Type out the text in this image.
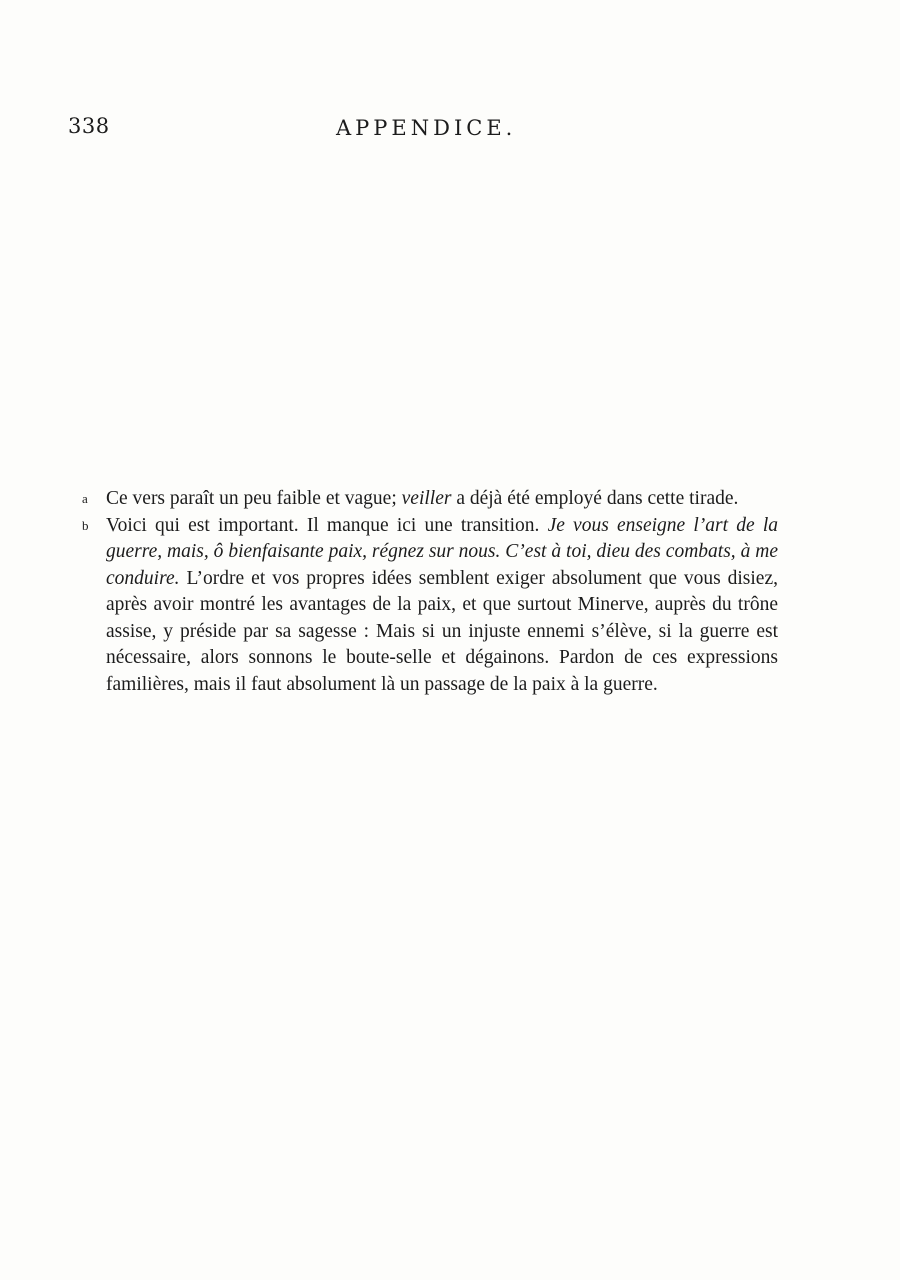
338	APPENDICE.

a Ce vers paraît un peu faible et vague; veiller a déjà été employé dans cette tirade.

b Voici qui est important. Il manque ici une transition. Je vous enseigne l’art de la guerre, mais, ô bienfaisante paix, régnez sur nous. C’est à toi, dieu des combats, à me conduire. L’ordre et vos propres idées semblent exiger absolument que vous disiez, après avoir montré les avantages de la paix, et que surtout Minerve, auprès du trône assise, y préside par sa sagesse : Mais si un injuste ennemi s’élève, si la guerre est nécessaire, alors sonnons le boute-selle et dégainons. Pardon de ces expressions familières, mais il faut absolument là un passage de la paix à la guerre.
